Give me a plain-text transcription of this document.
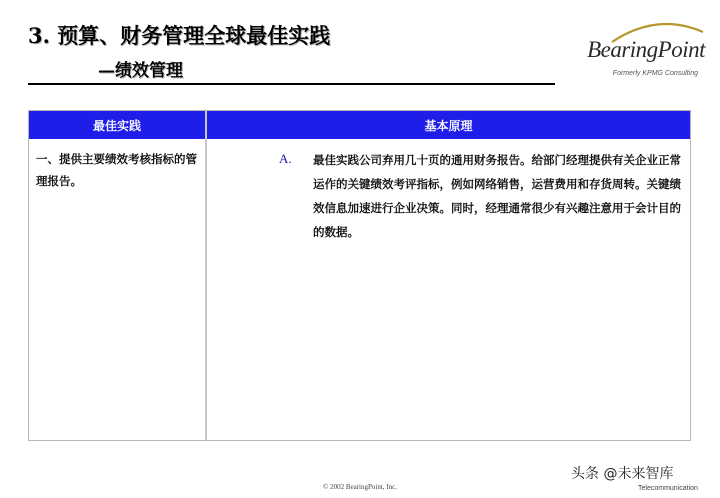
3. 预算、财务管理全球最佳实践
—绩效管理
BearingPoint
Formerly KPMG Consulting
最佳实践	基本原理
一、提供主要绩效考核指标的管理报告。
A. 最佳实践公司弃用几十页的通用财务报告。给部门经理提供有关企业正常运作的关键绩效考评指标，例如网络销售，运营费用和存货周转。关键绩效信息加速进行企业决策。同时，经理通常很少有兴趣注意用于会计目的的数据。
© 2002 BearingPoint, Inc.
头条 @未来智库
Telecommunication
